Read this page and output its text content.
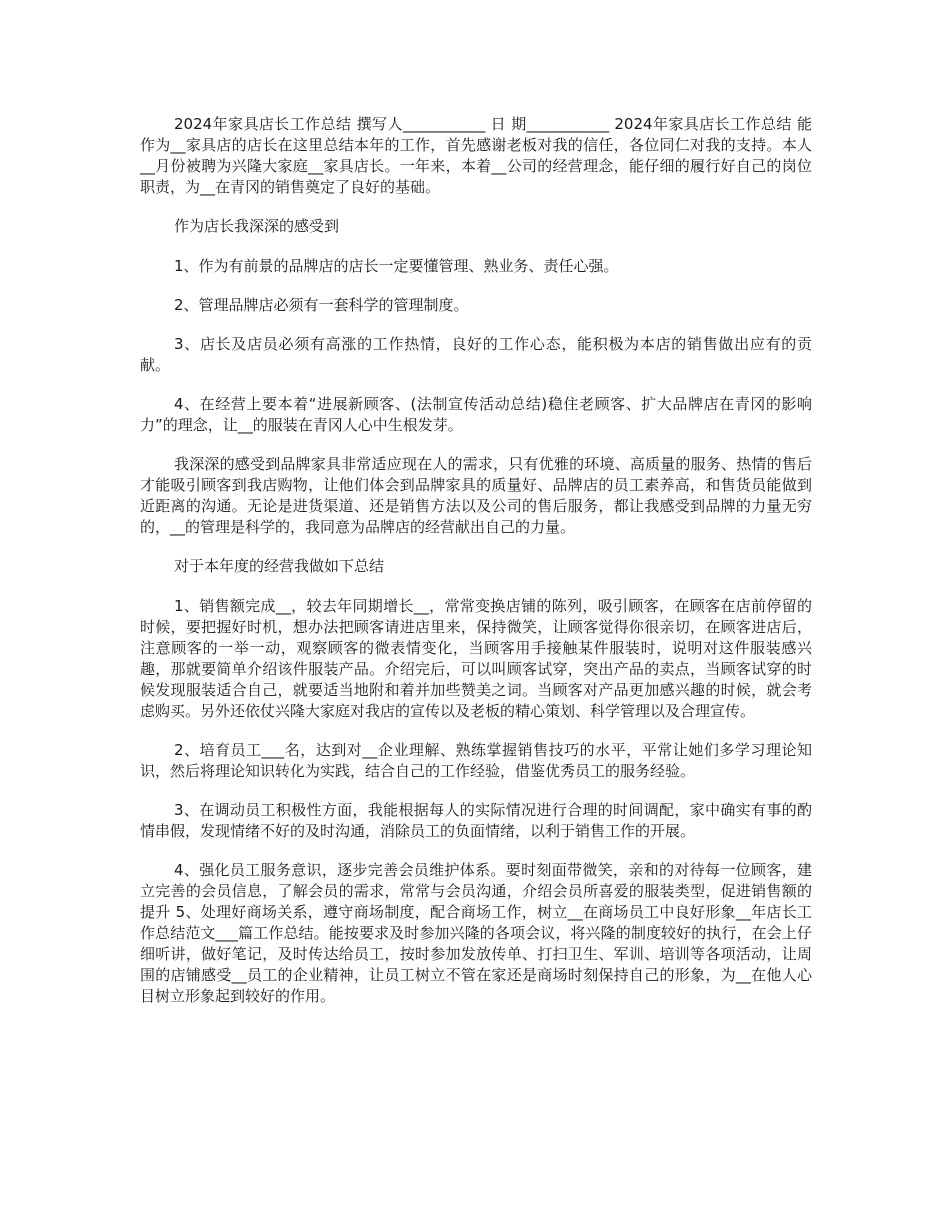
2024年家具店长工作总结 撰写人___________ 日 期___________ 2024年家具店长工作总结 能作为__家具店的店长在这里总结本年的工作，首先感谢老板对我的信任，各位同仁对我的支持。本人__月份被聘为兴隆大家庭__家具店长。一年来，本着__公司的经营理念，能仔细的履行好自己的岗位职责，为__在青冈的销售奠定了良好的基础。

作为店长我深深的感受到

1、作为有前景的品牌店的店长一定要懂管理、熟业务、责任心强。

2、管理品牌店必须有一套科学的管理制度。

3、店长及店员必须有高涨的工作热情，良好的工作心态，能积极为本店的销售做出应有的贡献。

4、在经营上要本着“进展新顾客、(法制宣传活动总结)稳住老顾客、扩大品牌店在青冈的影响力”的理念，让__的服装在青冈人心中生根发芽。

我深深的感受到品牌家具非常适应现在人的需求，只有优雅的环境、高质量的服务、热情的售后才能吸引顾客到我店购物，让他们体会到品牌家具的质量好、品牌店的员工素养高，和售货员能做到近距离的沟通。无论是进货渠道、还是销售方法以及公司的售后服务，都让我感受到品牌的力量无穷的，__的管理是科学的，我同意为品牌店的经营献出自己的力量。

对于本年度的经营我做如下总结

1、销售额完成__，较去年同期增长__，常常变换店铺的陈列，吸引顾客，在顾客在店前停留的时候，要把握好时机，想办法把顾客请进店里来，保持微笑，让顾客觉得你很亲切，在顾客进店后，注意顾客的一举一动，观察顾客的微表情变化，当顾客用手接触某件服装时，说明对这件服装感兴趣，那就要简单介绍该件服装产品。介绍完后，可以叫顾客试穿，突出产品的卖点，当顾客试穿的时候发现服装适合自己，就要适当地附和着并加些赞美之词。当顾客对产品更加感兴趣的时候，就会考虑购买。另外还依仗兴隆大家庭对我店的宣传以及老板的精心策划、科学管理以及合理宣传。

2、培育员工___名，达到对__企业理解、熟练掌握销售技巧的水平，平常让她们多学习理论知识，然后将理论知识转化为实践，结合自己的工作经验，借鉴优秀员工的服务经验。

3、在调动员工积极性方面，我能根据每人的实际情况进行合理的时间调配，家中确实有事的酌情串假，发现情绪不好的及时沟通，消除员工的负面情绪，以利于销售工作的开展。

4、强化员工服务意识，逐步完善会员维护体系。要时刻面带微笑，亲和的对待每一位顾客，建立完善的会员信息，了解会员的需求，常常与会员沟通，介绍会员所喜爱的服装类型，促进销售额的提升 5、处理好商场关系，遵守商场制度，配合商场工作，树立__在商场员工中良好形象__年店长工作总结范文___篇工作总结。能按要求及时参加兴隆的各项会议，将兴隆的制度较好的执行，在会上仔细听讲，做好笔记，及时传达给员工，按时参加发放传单、打扫卫生、军训、培训等各项活动，让周围的店铺感受__员工的企业精神，让员工树立不管在家还是商场时刻保持自己的形象，为__在他人心目树立形象起到较好的作用。
